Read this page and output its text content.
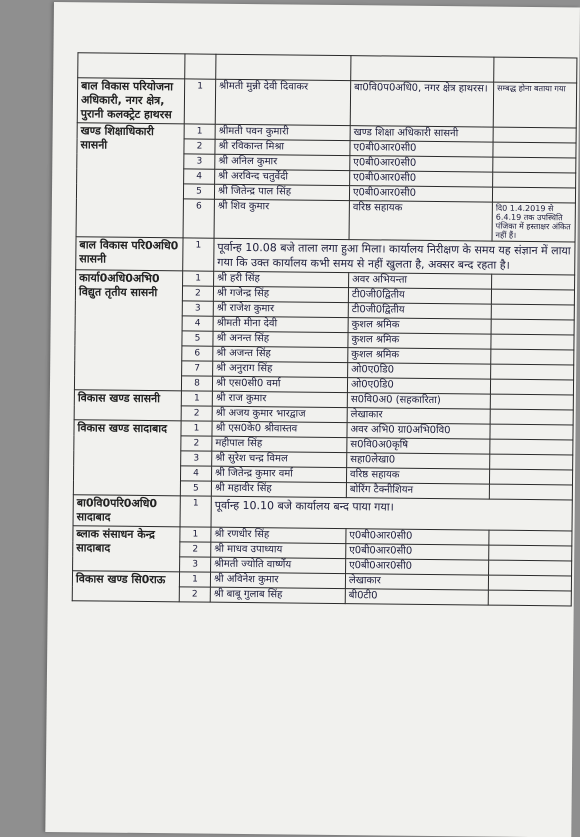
बाल विकास परियोजना अधिकारी, नगर क्षेत्र, पुरानी कलक्ट्रेट हाथरस	1	श्रीमती मुन्नी देवी दिवाकर	बा0वि0प0अधि0, नगर क्षेत्र हाथरस।	सम्बद्ध होना बताया गया
खण्ड शिक्षाधिकारी सासनी	1	श्रीमती पवन कुमारी	खण्ड शिक्षा अधिकारी सासनी	
	2	श्री रविकान्त मिश्रा	ए0बी0आर0सी0	
	3	श्री अनिल कुमार	ए0बी0आर0सी0	
	4	श्री अरविन्द चतुर्वेदी	ए0बी0आर0सी0	
	5	श्री जितेन्द्र पाल सिंह	ए0बी0आर0सी0	
	6	श्री शिव कुमार	वरिष्ठ सहायक	दि0 1.4.2019 से 6.4.19 तक उपस्थिति पंजिका में हस्ताक्षर अंकित नहीं हैं।
बाल विकास परि0अधि0 सासनी	1	पूर्वान्ह 10.08 बजे ताला लगा हुआ मिला। कार्यालय निरीक्षण के समय यह संज्ञान में लाया गया कि उक्त कार्यालय कभी समय से नहीं खुलता है, अक्सर बन्द रहता है।		
कार्या0अधि0अभि0 विद्युत तृतीय सासनी	1	श्री हरी सिंह	अवर अभियन्ता	
	2	श्री गजेन्द्र सिंह	टी0जी0द्वितीय	
	3	श्री राजेश कुमार	टी0जी0द्वितीय	
	4	श्रीमती मीना देवी	कुशल श्रमिक	
	5	श्री अनन्त सिंह	कुशल श्रमिक	
	6	श्री अजन्त सिंह	कुशल श्रमिक	
	7	श्री अनुराग सिंह	ओ0ए0डि0	
	8	श्री एस0सी0 वर्मा	ओ0ए0डि0	
विकास खण्ड सासनी	1	श्री राज कुमार	स0वि0अ0 (सहकारिता)	
	2	श्री अजय कुमार भारद्वाज	लेखाकार	
विकास खण्ड सादाबाद	1	श्री एस0के0 श्रीवास्तव	अवर अभि0 ग्रा0अभि0वि0	
	2	महीपाल सिंह	स0वि0अ0कृषि	
	3	श्री सुरेश चन्द्र विमल	सहा0लेखा0	
	4	श्री जितेन्द्र कुमार वर्मा	वरिष्ठ सहायक	
	5	श्री महावीर सिंह	बोरिंग टैक्नीशियन	
बा0वि0परि0अधि0 सादाबाद	1	पूर्वान्ह 10.10 बजे कार्यालय बन्द पाया गया।		
ब्लाक संसाधन केन्द्र सादाबाद	1	श्री रणधीर सिंह	ए0बी0आर0सी0	
	2	श्री माधव उपाध्याय	ए0बी0आर0सी0	
	3	श्रीमती ज्योति वार्ष्णेय	ए0बी0आर0सी0	
विकास खण्ड सि0राऊ	1	श्री अविनेश कुमार	लेखाकार	
	2	श्री बाबू गुलाब सिंह	बी0टी0	
